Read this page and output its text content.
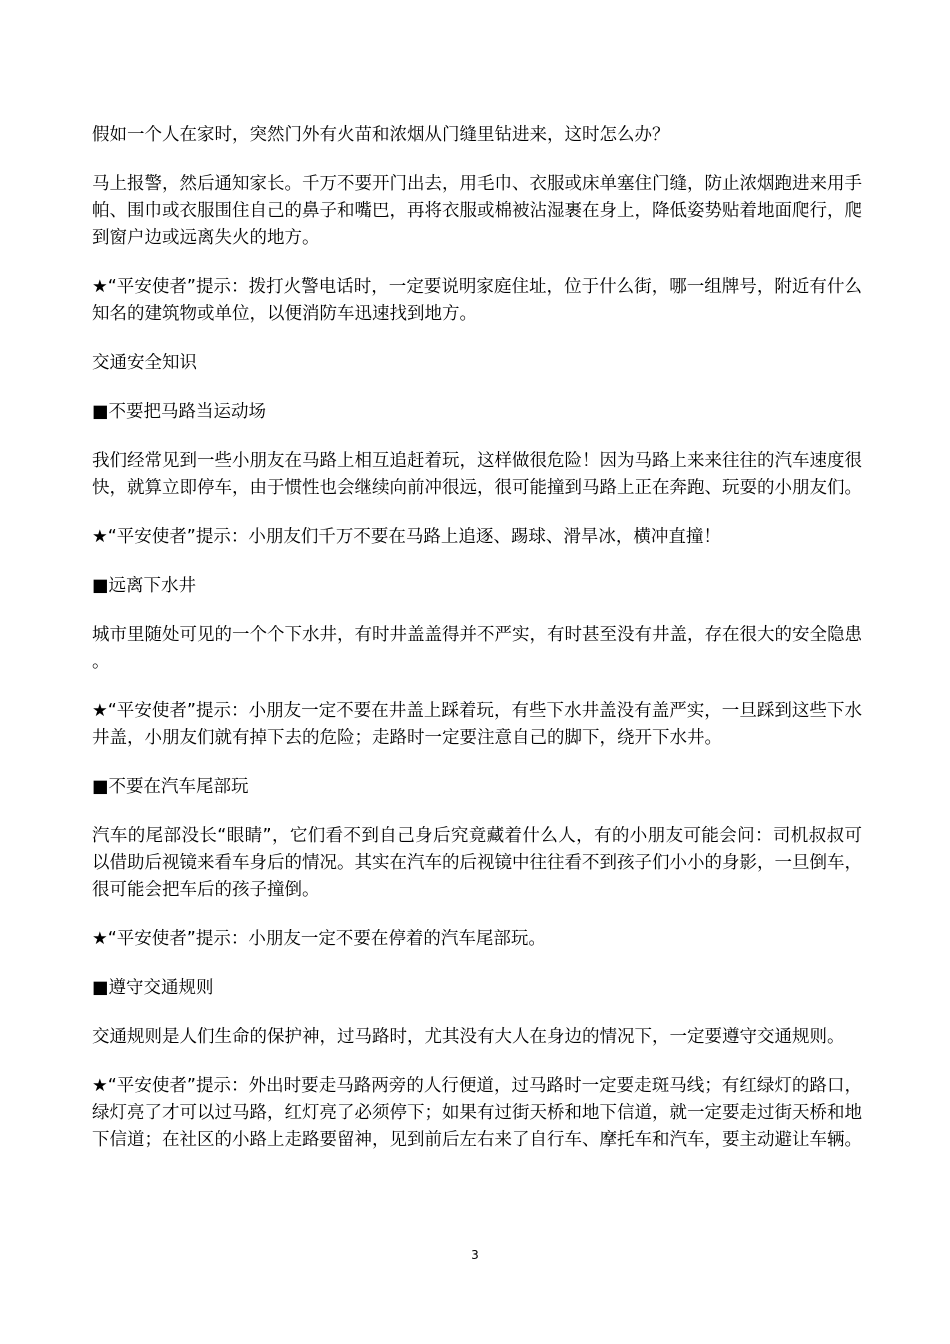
假如一个人在家时，突然门外有火苗和浓烟从门缝里钻进来，这时怎么办？

马上报警，然后通知家长。千万不要开门出去，用毛巾、衣服或床单塞住门缝，防止浓烟跑进来用手帕、围巾或衣服围住自己的鼻子和嘴巴，再将衣服或棉被沾湿裹在身上，降低姿势贴着地面爬行，爬到窗户边或远离失火的地方。

★“平安使者”提示：拨打火警电话时，一定要说明家庭住址，位于什么街，哪一组牌号，附近有什么知名的建筑物或单位，以便消防车迅速找到地方。

交通安全知识

■不要把马路当运动场

我们经常见到一些小朋友在马路上相互追赶着玩，这样做很危险！因为马路上来来往往的汽车速度很快，就算立即停车，由于惯性也会继续向前冲很远，很可能撞到马路上正在奔跑、玩耍的小朋友们。

★“平安使者”提示：小朋友们千万不要在马路上追逐、踢球、滑旱冰，横冲直撞！

■远离下水井

城市里随处可见的一个个下水井，有时井盖盖得并不严实，有时甚至没有井盖，存在很大的安全隐患。

★“平安使者”提示：小朋友一定不要在井盖上踩着玩，有些下水井盖没有盖严实，一旦踩到这些下水井盖，小朋友们就有掉下去的危险；走路时一定要注意自己的脚下，绕开下水井。

■不要在汽车尾部玩

汽车的尾部没长“眼睛”，它们看不到自己身后究竟藏着什么人，有的小朋友可能会问：司机叔叔可以借助后视镜来看车身后的情况。其实在汽车的后视镜中往往看不到孩子们小小的身影，一旦倒车，很可能会把车后的孩子撞倒。

★“平安使者”提示：小朋友一定不要在停着的汽车尾部玩。

■遵守交通规则

交通规则是人们生命的保护神，过马路时，尤其没有大人在身边的情况下，一定要遵守交通规则。

★“平安使者”提示：外出时要走马路两旁的人行便道，过马路时一定要走斑马线；有红绿灯的路口，绿灯亮了才可以过马路，红灯亮了必须停下；如果有过街天桥和地下信道，就一定要走过街天桥和地下信道；在社区的小路上走路要留神，见到前后左右来了自行车、摩托车和汽车，要主动避让车辆。

3
